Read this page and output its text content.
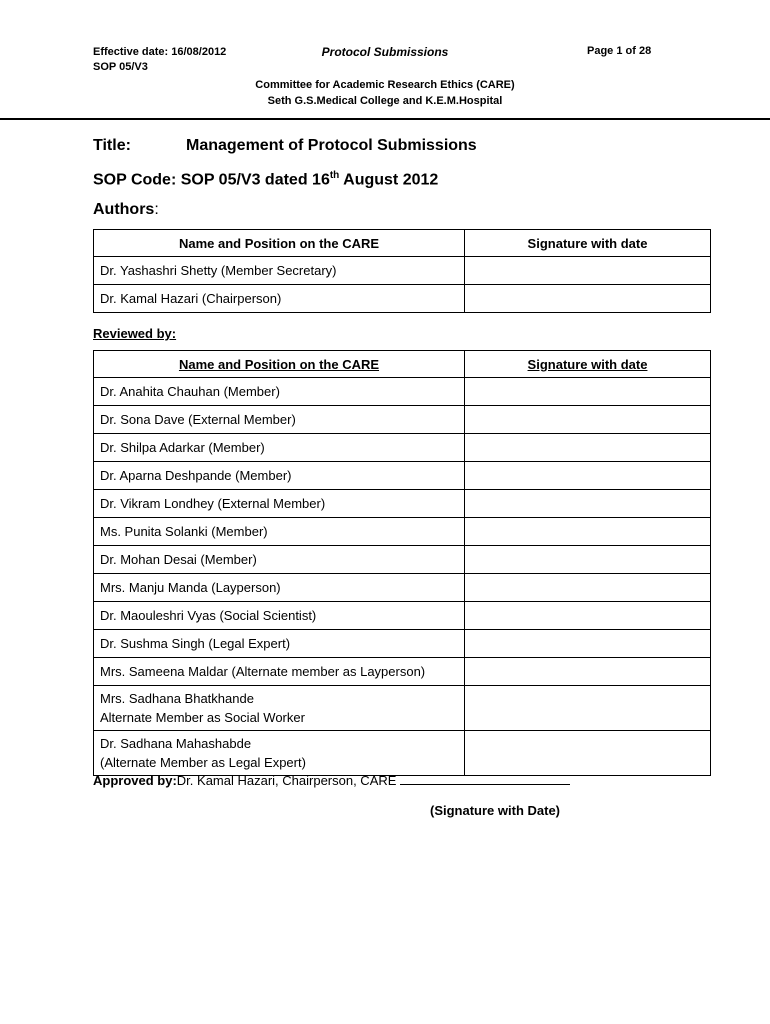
Effective date: 16/08/2012
SOP 05/V3
Protocol Submissions	Page 1 of 28
Committee for Academic Research Ethics (CARE)
Seth G.S.Medical College and K.E.M.Hospital
Title:	Management of Protocol Submissions
SOP Code: SOP 05/V3 dated 16th August 2012
Authors:
Name and Position on the CARE	Signature with date
Dr. Yashashri Shetty (Member Secretary)	
Dr. Kamal Hazari (Chairperson)	
Reviewed by:
Name and Position on the CARE	Signature with date
Dr. Anahita Chauhan (Member)	
Dr. Sona Dave (External Member)	
Dr. Shilpa Adarkar (Member)	
Dr. Aparna Deshpande (Member)	
Dr. Vikram Londhey (External Member)	
Ms. Punita Solanki (Member)	
Dr. Mohan Desai (Member)	
Mrs. Manju Manda (Layperson)	
Dr. Maouleshri Vyas (Social Scientist)	
Dr. Sushma Singh (Legal Expert)	
Mrs. Sameena Maldar (Alternate member as Layperson)	
Mrs. Sadhana Bhatkhande
Alternate Member as Social Worker	
Dr. Sadhana Mahashabde
(Alternate Member as Legal Expert)	
Approved by:Dr. Kamal Hazari, Chairperson, CARE
(Signature with Date)
